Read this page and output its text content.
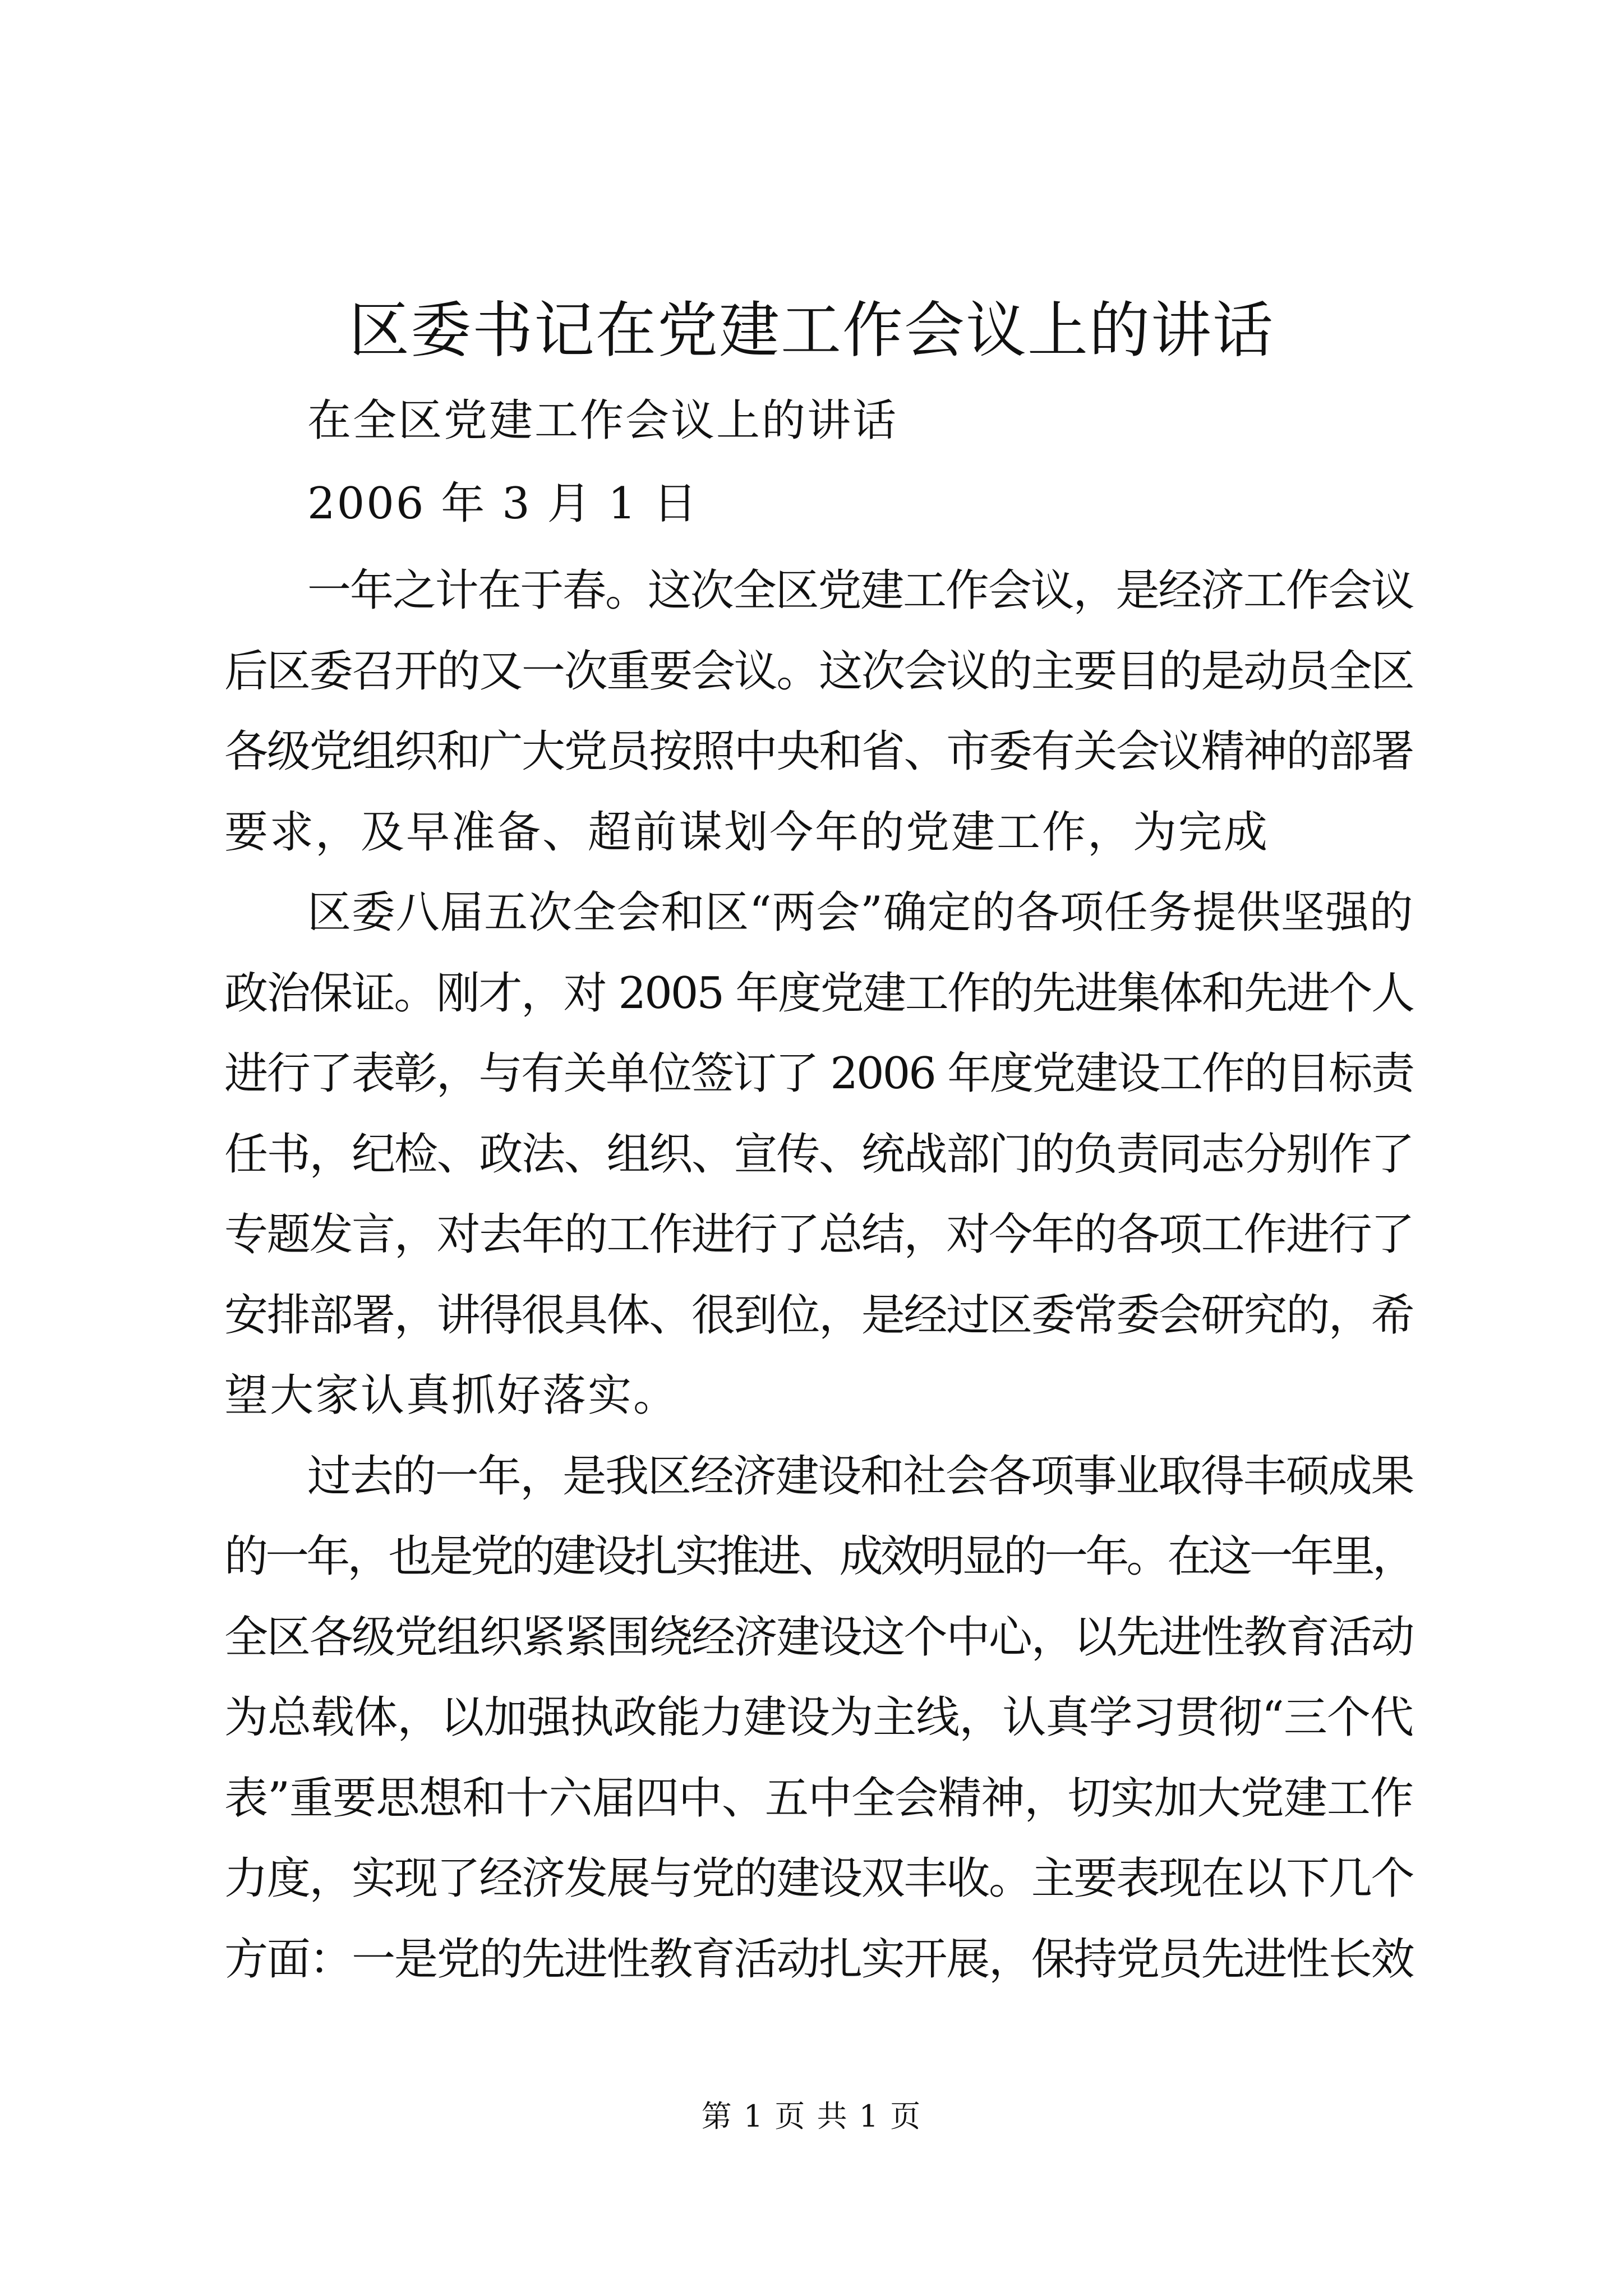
区委书记在党建工作会议上的讲话

在全区党建工作会议上的讲话

2006 年 3 月 1 日

一年之计在于春。这次全区党建工作会议，是经济工作会议
后区委召开的又一次重要会议。这次会议的主要目的是动员全区
各级党组织和广大党员按照中央和省、市委有关会议精神的部署
要求，及早准备、超前谋划今年的党建工作，为完成
区委八届五次全会和区“两会”确定的各项任务提供坚强的
政治保证。刚才，对 2005 年度党建工作的先进集体和先进个人
进行了表彰，与有关单位签订了 2006 年度党建设工作的目标责
任书，纪检、政法、组织、宣传、统战部门的负责同志分别作了
专题发言，对去年的工作进行了总结，对今年的各项工作进行了
安排部署，讲得很具体、很到位，是经过区委常委会研究的，希
望大家认真抓好落实。
过去的一年，是我区经济建设和社会各项事业取得丰硕成果
的一年，也是党的建设扎实推进、成效明显的一年。在这一年里，
全区各级党组织紧紧围绕经济建设这个中心，以先进性教育活动
为总载体，以加强执政能力建设为主线，认真学习贯彻“三个代
表”重要思想和十六届四中、五中全会精神，切实加大党建工作
力度，实现了经济发展与党的建设双丰收。主要表现在以下几个
方面：一是党的先进性教育活动扎实开展，保持党员先进性长效
第 1 页 共 1 页
